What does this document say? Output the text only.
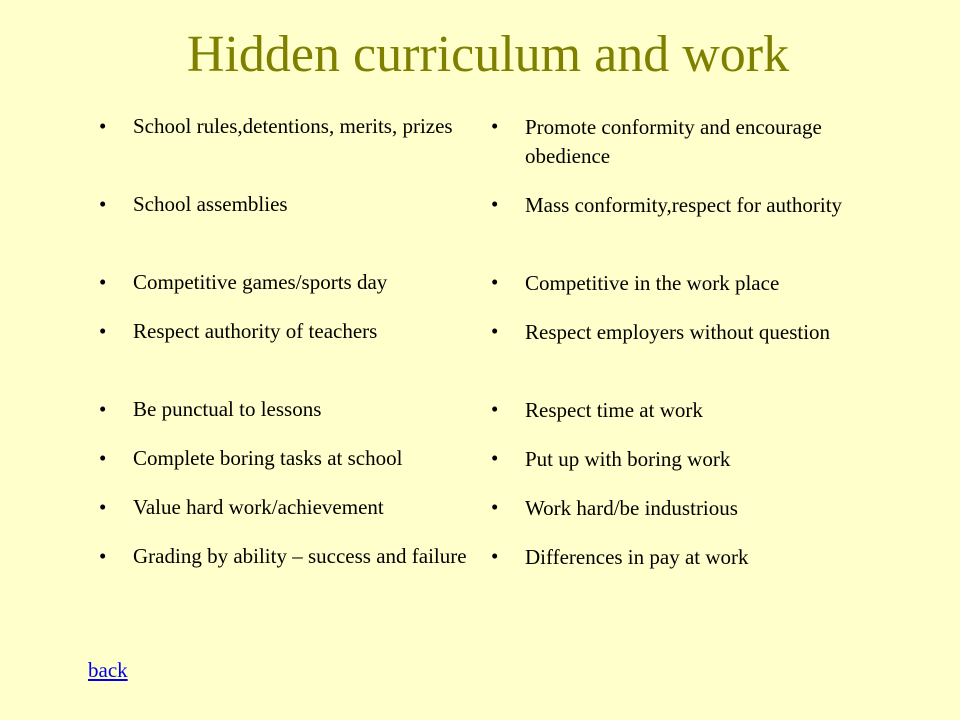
Hidden curriculum and work
• School rules,detentions, merits, prizes
• School assemblies
• Competitive games/sports day
• Respect authority of teachers
• Be punctual to lessons
• Complete boring tasks at school
• Value hard work/achievement
• Grading by ability – success and failure
• Promote conformity and encourage obedience
• Mass conformity,respect for authority
• Competitive in the work place
• Respect employers without question
• Respect time at work
• Put up with boring work
• Work hard/be industrious
• Differences in pay at work
back
